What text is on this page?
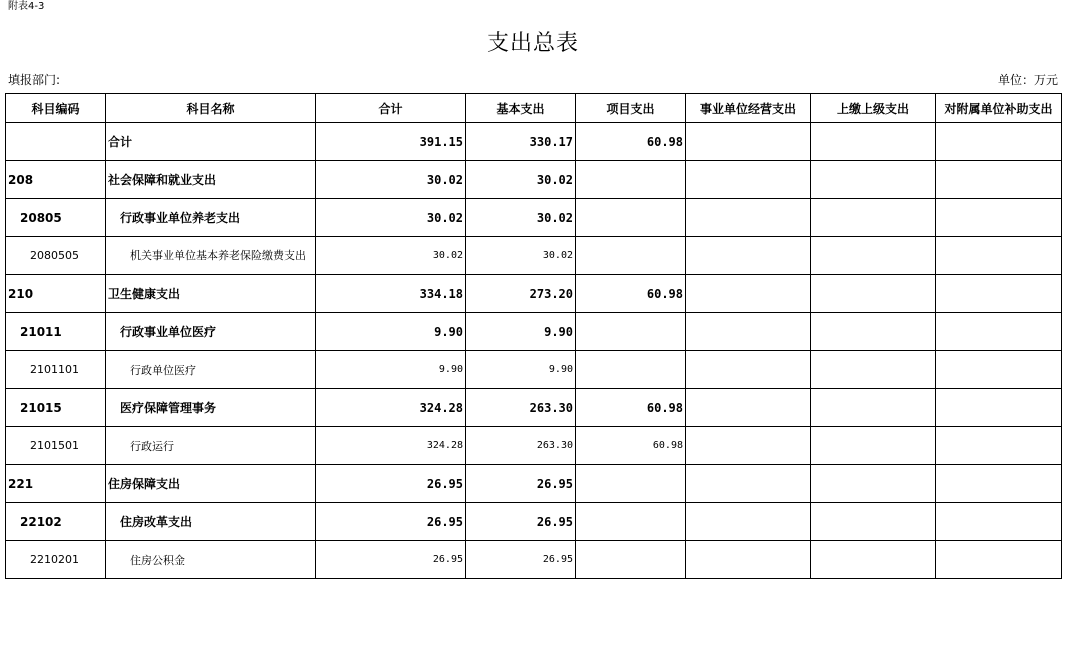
附表4-3
支出总表
填报部门:	单位：万元
科目编码	科目名称	合计	基本支出	项目支出	事业单位经营支出	上缴上级支出	对附属单位补助支出
	合计	391.15	330.17	60.98			
208	社会保障和就业支出	30.02	30.02				
20805	行政事业单位养老支出	30.02	30.02				
2080505	机关事业单位基本养老保险缴费支出	30.02	30.02				
210	卫生健康支出	334.18	273.20	60.98			
21011	行政事业单位医疗	9.90	9.90				
2101101	行政单位医疗	9.90	9.90				
21015	医疗保障管理事务	324.28	263.30	60.98			
2101501	行政运行	324.28	263.30	60.98			
221	住房保障支出	26.95	26.95				
22102	住房改革支出	26.95	26.95				
2210201	住房公积金	26.95	26.95				
